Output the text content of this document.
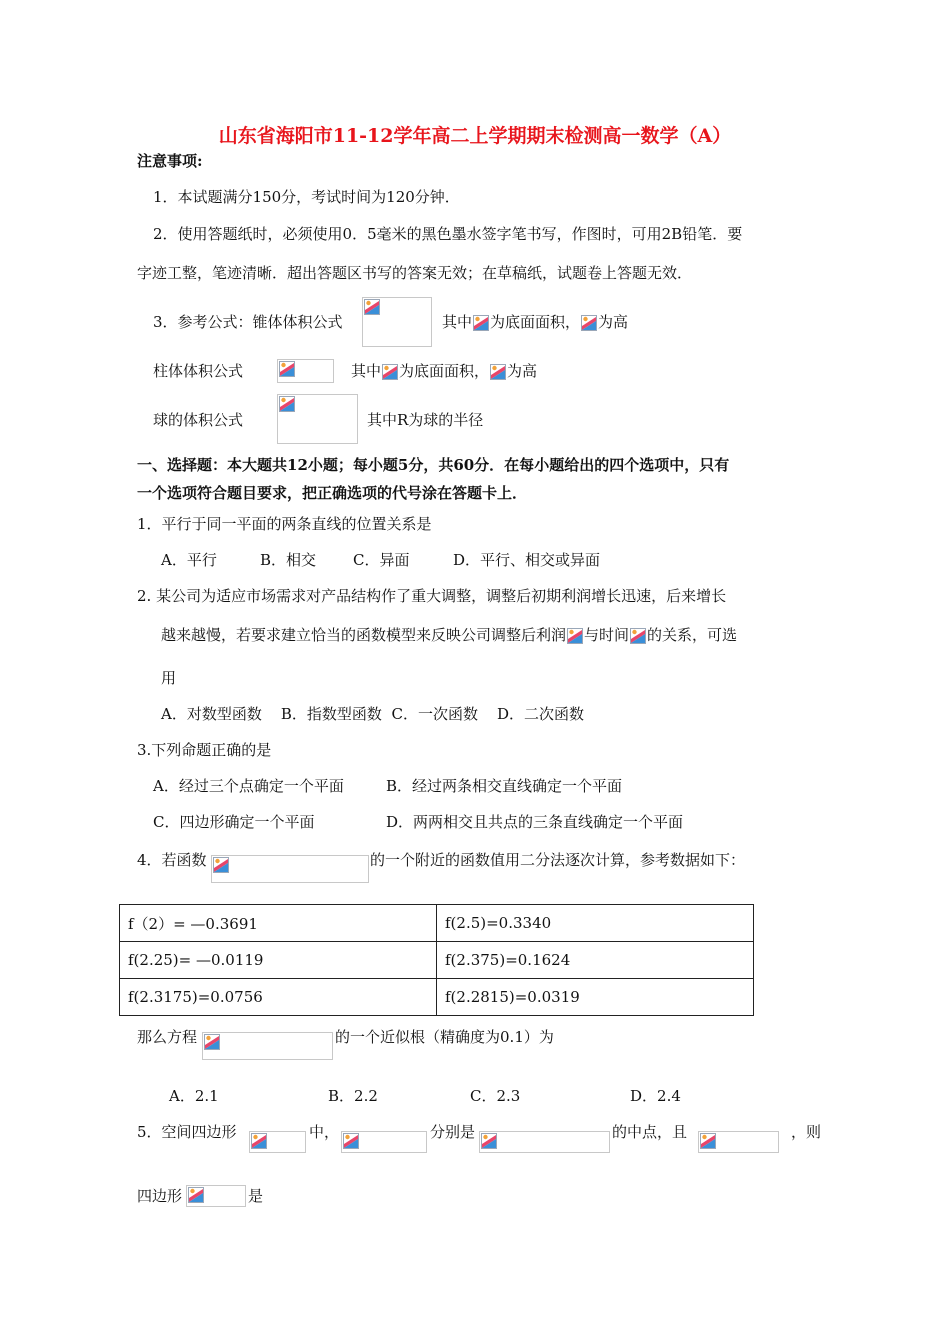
山东省海阳市11-12学年高二上学期期末检测高一数学（A）
注意事项:
1．本试题满分150分，考试时间为120分钟．
2．使用答题纸时，必须使用0．5毫米的黑色墨水签字笔书写，作图时，可用2B铅笔．要
字迹工整，笔迹清晰．超出答题区书写的答案无效；在草稿纸，试题卷上答题无效．
3．参考公式：锥体体积公式	其中 为底面面积， 为高
柱体体积公式	其中 为底面面积， 为高
球的体积公式	其中R为球的半径
一、选择题：本大题共12小题；每小题5分，共60分．在每小题给出的四个选项中，只有
一个选项符合题目要求，把正确选项的代号涂在答题卡上．
1．平行于同一平面的两条直线的位置关系是
A．平行	B．相交 C．异面	D．平行、相交或异面
2. 某公司为适应市场需求对产品结构作了重大调整，调整后初期利润增长迅速，后来增长
越来越慢，若要求建立恰当的函数模型来反映公司调整后利润 与时间 的关系，可选
用
A．对数型函数    B．指数型函数  C．一次函数    D．二次函数
3.下列命题正确的是
A．经过三个点确定一个平面	B．经过两条相交直线确定一个平面
C．四边形确定一个平面	D．两两相交且共点的三条直线确定一个平面
4．若函数	的一个附近的函数值用二分法逐次计算，参考数据如下：
f（2）= —0.3691	f(2.5)=0.3340
f(2.25)= —0.0119	f(2.375)=0.1624
f(2.3175)=0.0756	f(2.2815)=0.0319
那么方程	的一个近似根（精确度为0.1）为
A．2.1	B．2.2	C．2.3	D．2.4
5．空间四边形	中，	分别是	的中点，且	，则
四边形	是
